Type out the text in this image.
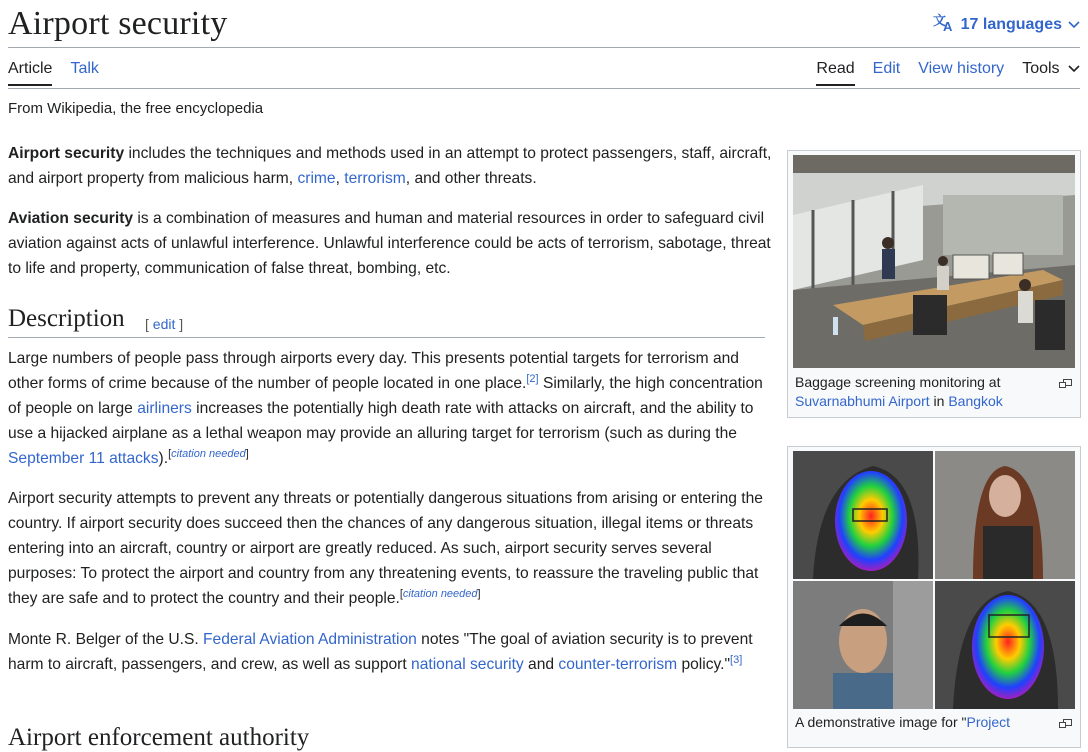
Airport security	文
A 17 languages
Article Talk	Read Edit View history Tools
From Wikipedia, the free encyclopedia

Airport security includes the techniques and methods used in an attempt to protect passengers, staff, aircraft, and airport property from malicious harm, crime, terrorism, and other threats.

Aviation security is a combination of measures and human and material resources in order to safeguard civil aviation against acts of unlawful interference. Unlawful interference could be acts of terrorism, sabotage, threat to life and property, communication of false threat, bombing, etc.

Description [ edit ]

Large numbers of people pass through airports every day. This presents potential targets for terrorism and other forms of crime because of the number of people located in one place.[2] Similarly, the high concentration of people on large airliners increases the potentially high death rate with attacks on aircraft, and the ability to use a hijacked airplane as a lethal weapon may provide an alluring target for terrorism (such as during the September 11 attacks).[citation needed]

Airport security attempts to prevent any threats or potentially dangerous situations from arising or entering the country. If airport security does succeed then the chances of any dangerous situation, illegal items or threats entering into an aircraft, country or airport are greatly reduced. As such, airport security serves several purposes: To protect the airport and country from any threatening events, to reassure the traveling public that they are safe and to protect the country and their people.[citation needed]

Monte R. Belger of the U.S. Federal Aviation Administration notes "The goal of aviation security is to prevent harm to aircraft, passengers, and crew, as well as support national security and counter-terrorism policy."[3]

Airport enforcement authority
Baggage screening monitoring at Suvarnabhumi Airport in Bangkok
A demonstrative image for "Project
